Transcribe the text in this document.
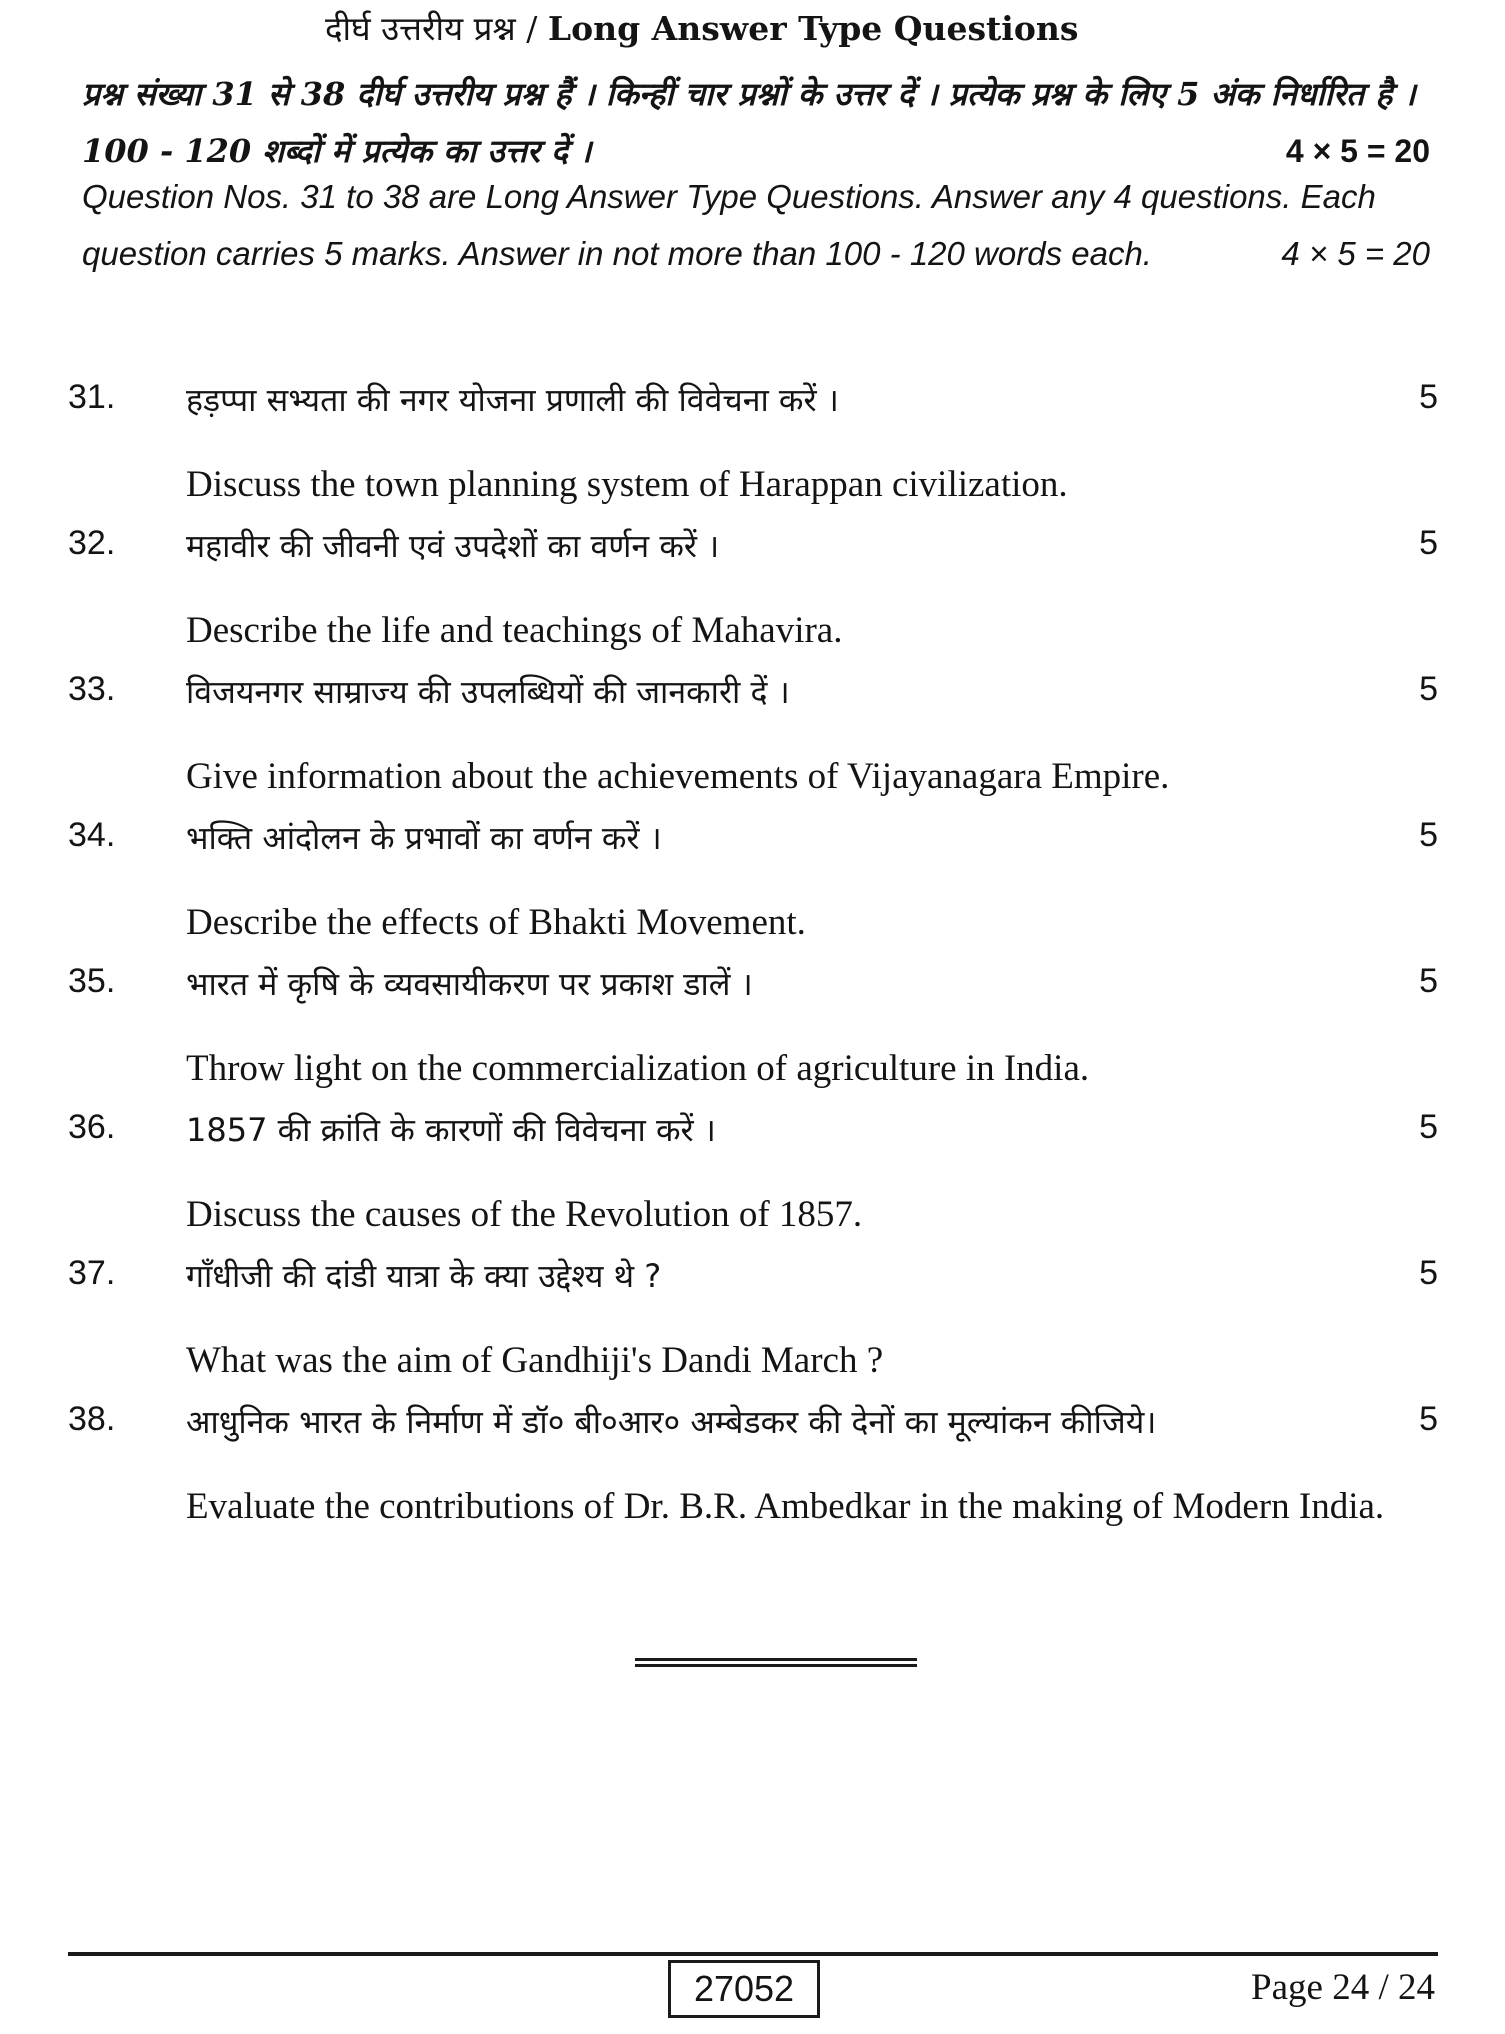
दीर्घ उत्तरीय प्रश्न / Long Answer Type Questions
प्रश्न संख्या 31 से 38 दीर्घ उत्तरीय प्रश्न हैं । किन्हीं चार प्रश्नों के उत्तर दें । प्रत्येक प्रश्न के लिए 5 अंक निर्धारित है । 100 - 120 शब्दों में प्रत्येक का उत्तर दें ।	4 × 5 = 20
Question Nos. 31 to 38 are Long Answer Type Questions. Answer any 4 questions. Each question carries 5 marks. Answer in not more than 100 - 120 words each.	4 × 5 = 20
31. हड़प्पा सभ्यता की नगर योजना प्रणाली की विवेचना करें ।	5
Discuss the town planning system of Harappan civilization.
32. महावीर की जीवनी एवं उपदेशों का वर्णन करें ।	5
Describe the life and teachings of Mahavira.
33. विजयनगर साम्राज्य की उपलब्धियों की जानकारी दें ।	5
Give information about the achievements of Vijayanagara Empire.
34. भक्ति आंदोलन के प्रभावों का वर्णन करें ।	5
Describe the effects of Bhakti Movement.
35. भारत में कृषि के व्यवसायीकरण पर प्रकाश डालें ।	5
Throw light on the commercialization of agriculture in India.
36. 1857 की क्रांति के कारणों की विवेचना करें ।	5
Discuss the causes of the Revolution of 1857.
37. गाँधीजी की दांडी यात्रा के क्या उद्देश्य थे ?	5
What was the aim of Gandhiji's Dandi March ?
38. आधुनिक भारत के निर्माण में डॉ० बी०आर० अम्बेडकर की देनों का मूल्यांकन कीजिये।	5
Evaluate the contributions of Dr. B.R. Ambedkar in the making of Modern India.
27052	Page 24 / 24
